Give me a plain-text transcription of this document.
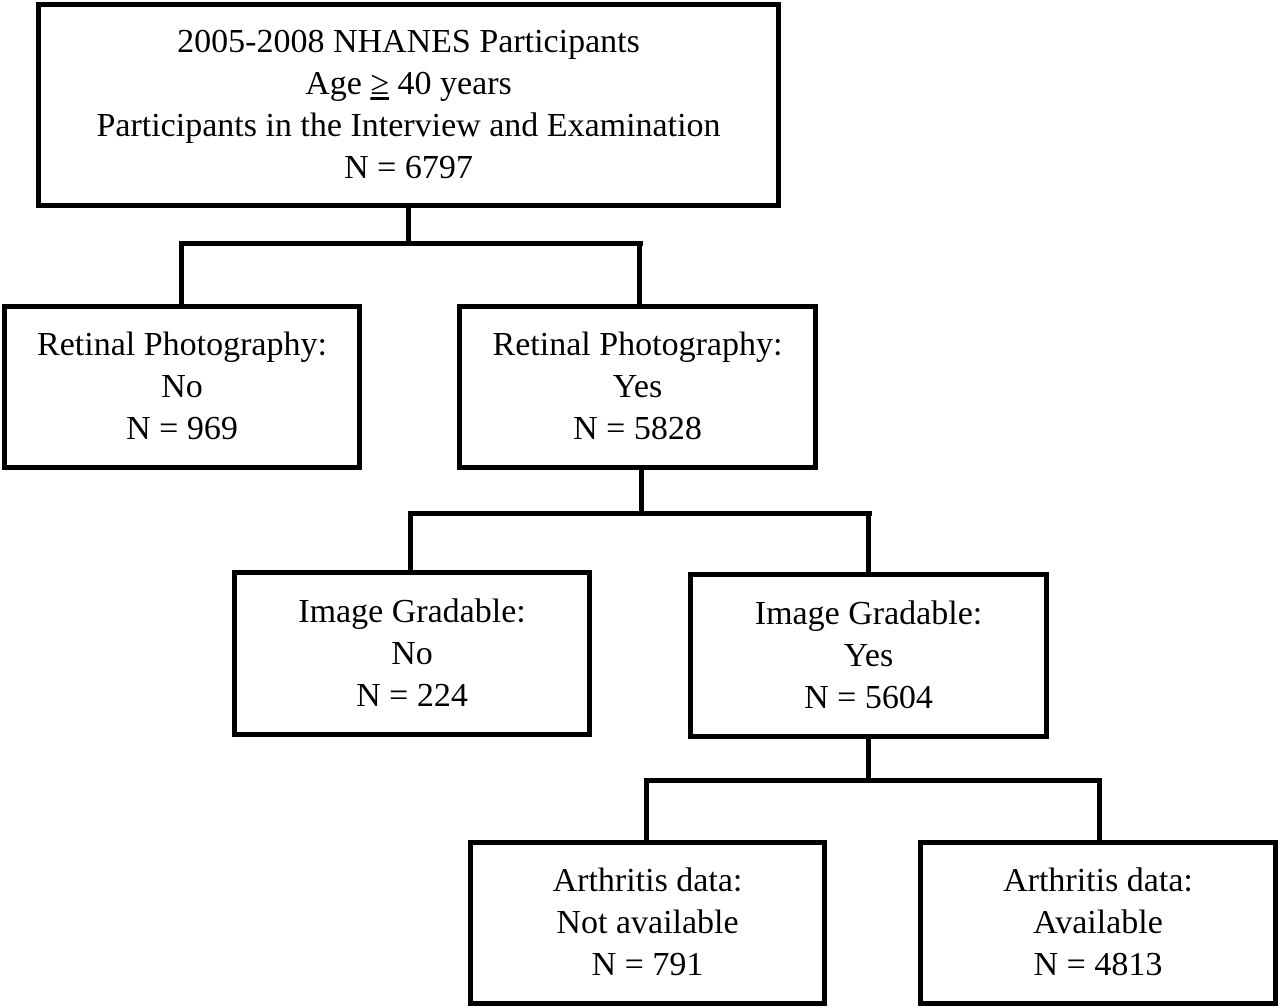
2005-2008 NHANES Participants
Age ≥ 40 years
Participants in the Interview and Examination
N = 6797
Retinal Photography:
No
N = 969
Retinal Photography:
Yes
N = 5828
Image Gradable:
No
N = 224
Image Gradable:
Yes
N = 5604
Arthritis data:
Not available
N = 791
Arthritis data:
Available
N = 4813
